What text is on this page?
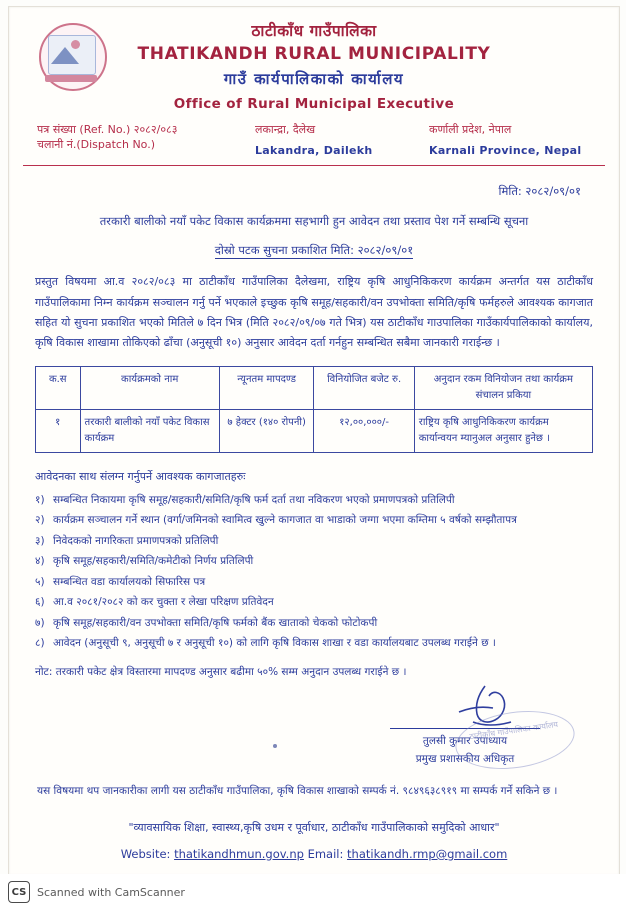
ठाटीकाँध गाउँपालिका
THATIKANDH RURAL MUNICIPALITY
गाउँ कार्यपालिकाको कार्यालय
Office of Rural Municipal Executive
पत्र संख्या (Ref. No.) २०८२/०८३
चलानी नं.(Dispatch No.)
लकान्द्रा, दैलेख
Lakandra, Dailekh
कर्णाली प्रदेश, नेपाल
Karnali Province, Nepal
मिति: २०८२/०९/०१
तरकारी बालीको नयाँ पकेट विकास कार्यक्रममा सहभागी हुन आवेदन तथा प्रस्ताव पेश गर्ने सम्बन्धि सूचना
दोस्रो पटक सुचना प्रकाशित मिति: २०८२/०९/०१
प्रस्तुत विषयमा आ.व २०८२/०८३ मा ठाटीकाँध गाउँपालिका दैलेखमा, राष्ट्रिय कृषि आधुनिकिकरण कार्यक्रम अन्तर्गत यस ठाटीकाँध गाउँपालिकामा निम्न कार्यक्रम सञ्चालन गर्नु पर्ने भएकाले इच्छुक कृषि समूह/सहकारी/वन उपभोक्ता समिति/कृषि फर्महरुले आवश्यक कागजात सहित यो सुचना प्रकाशित भएको मितिले ७ दिन भित्र (मिति २०८२/०९/०७ गते भित्र) यस ठाटीकाँध गाउपालिका गाउँकार्यपालिकाको कार्यालय, कृषि विकास शाखामा तोकिएको ढाँचा (अनुसूची १०) अनुसार आवेदन दर्ता गर्नहुन सम्बन्धित सबैमा जानकारी गराईन्छ ।
क.स	कार्यक्रमको नाम	न्यूनतम मापदण्ड	विनियोजित बजेट रु.	अनुदान रकम विनियोजन तथा कार्यक्रम संचालन प्रकिया
१	तरकारी बालीको नयाँ पकेट विकास कार्यक्रम	७ हेक्टर (१४० रोपनी)	१२,००,०००/-	राष्ट्रिय कृषि आधुनिकिकरण कार्यक्रम कार्यान्वयन म्यानुअल अनुसार हुनेछ ।
आवेदनका साथ संलग्न गर्नुपर्ने आवश्यक कागजातहरुः
१) सम्बन्धित निकायमा कृषि समूह/सहकारी/समिति/कृषि फर्म दर्ता तथा नविकरण भएको प्रमाणपत्रको प्रतिलिपी
२) कार्यक्रम सञ्चालन गर्ने स्थान (वर्गा/जमिनको स्वामित्व खुल्ने कागजात वा भाडाको जग्गा भएमा कम्तिमा ५ वर्षको सम्झौतापत्र
३) निवेदकको नागरिकता प्रमाणपत्रको प्रतिलिपी
४) कृषि समूह/सहकारी/समिति/कमेटीको निर्णय प्रतिलिपी
५) सम्बन्धित वडा कार्यालयको सिफारिस पत्र
६) आ.व २०८१/२०८२ को कर चुक्ता र लेखा परिक्षण प्रतिवेदन
७) कृषि समूह/सहकारी/वन उपभोक्ता समिति/कृषि फर्मको बैंक खाताको चेकको फोटोकपी
८) आवेदन (अनुसूची ९, अनुसूची ७ र अनुसूची १०) को लागि कृषि विकास शाखा र वडा कार्यालयबाट उपलब्ध गराईने छ ।
नोट: तरकारी पकेट क्षेत्र विस्तारमा मापदण्ड अनुसार बढीमा ५०% सम्म अनुदान उपलब्ध गराईने छ ।
तुलसी कुमार उपाध्याय
प्रमुख प्रशासकीय अधिकृत
ठाटीकाँध गाउँपालिका कार्यालय
यस विषयमा थप जानकारीका लागी यस ठाटीकाँध गाउँपालिका, कृषि विकास शाखाको सम्पर्क नं. ९८४९६३८९१९ मा सम्पर्क गर्ने सकिने छ ।
"व्यावसायिक शिक्षा, स्वास्थ्य,कृषि उधम र पूर्वाधार, ठाटीकाँध गाउँपालिकाको समुदिको आधार"
Website: thatikandhmun.gov.np Email: thatikandh.rmp@gmail.com
CS Scanned with CamScanner
